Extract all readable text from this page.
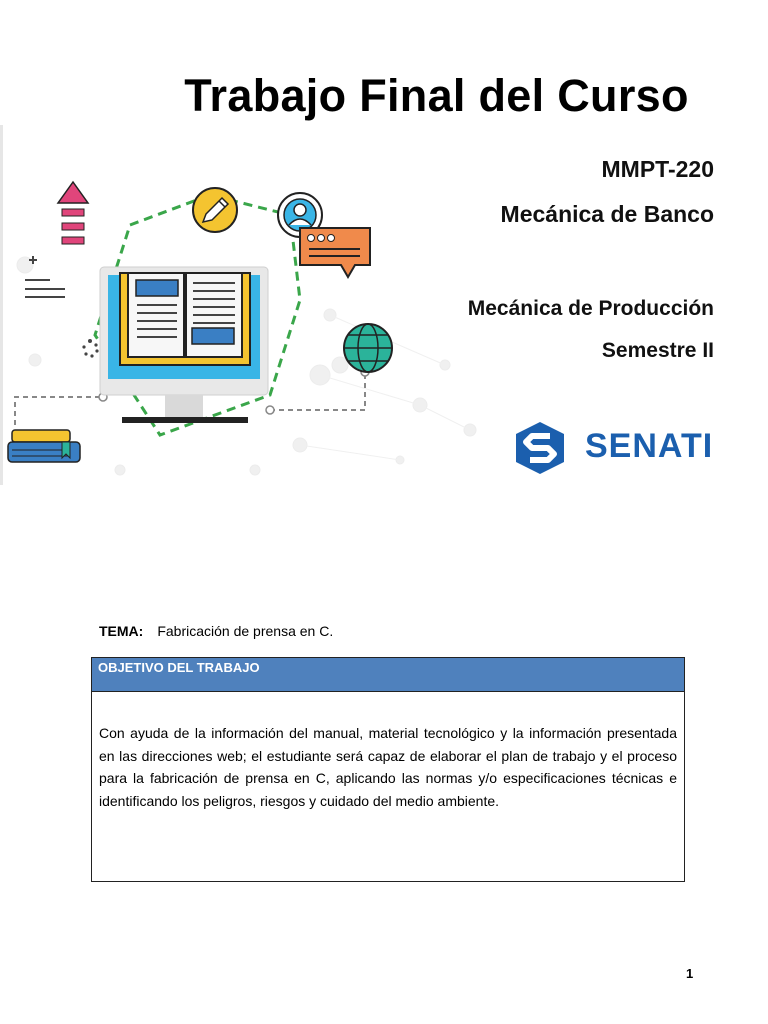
Trabajo Final del Curso
MMPT-220
Mecánica de Banco
Mecánica de Producción
Semestre II
SENATI
TEMA: Fabricación de prensa en C.
OBJETIVO DEL TRABAJO
Con ayuda de la información del manual, material tecnológico y la información presentada en las direcciones web; el estudiante será capaz de elaborar el plan de trabajo y el proceso para la fabricación de prensa en C, aplicando las normas y/o especificaciones técnicas e identificando los peligros, riesgos y cuidado del medio ambiente.
1
